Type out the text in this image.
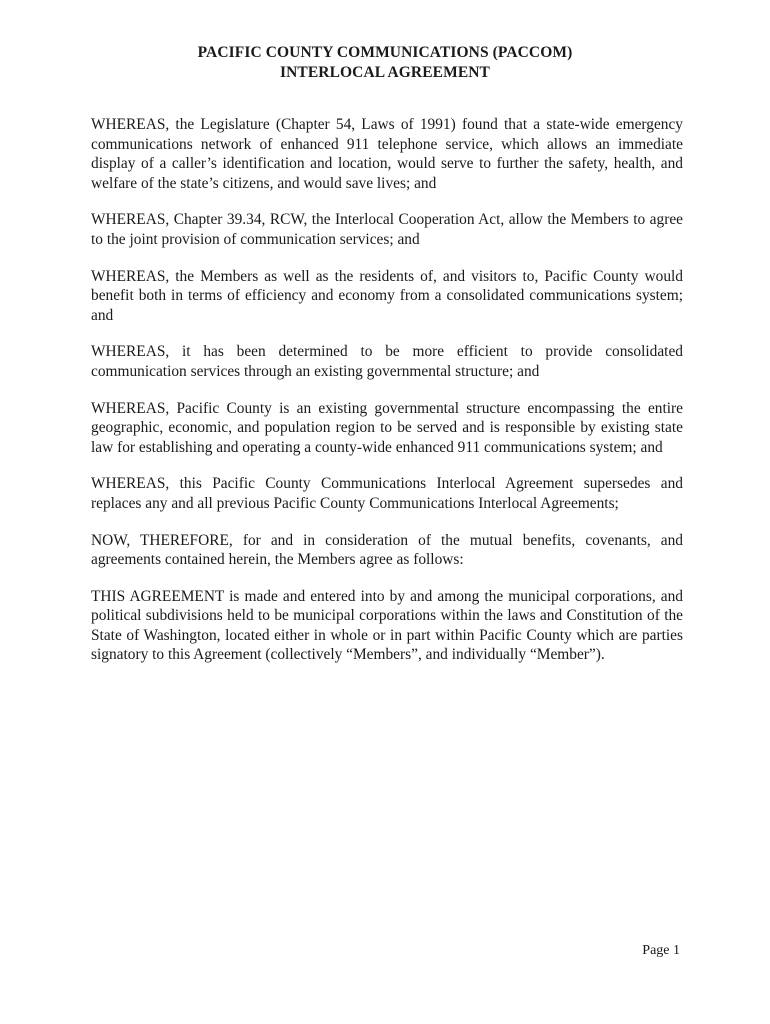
PACIFIC COUNTY COMMUNICATIONS (PACCOM)
INTERLOCAL AGREEMENT

WHEREAS, the Legislature (Chapter 54, Laws of 1991) found that a state-wide emergency communications network of enhanced 911 telephone service, which allows an immediate display of a caller’s identification and location, would serve to further the safety, health, and welfare of the state’s citizens, and would save lives; and

WHEREAS, Chapter 39.34, RCW, the Interlocal Cooperation Act, allow the Members to agree to the joint provision of communication services; and

WHEREAS, the Members as well as the residents of, and visitors to, Pacific County would benefit both in terms of efficiency and economy from a consolidated communications system; and

WHEREAS, it has been determined to be more efficient to provide consolidated communication services through an existing governmental structure; and

WHEREAS, Pacific County is an existing governmental structure encompassing the entire geographic, economic, and population region to be served and is responsible by existing state law for establishing and operating a county-wide enhanced 911 communications system; and

WHEREAS, this Pacific County Communications Interlocal Agreement supersedes and replaces any and all previous Pacific County Communications Interlocal Agreements;

NOW, THEREFORE, for and in consideration of the mutual benefits, covenants, and agreements contained herein, the Members agree as follows:

THIS AGREEMENT is made and entered into by and among the municipal corporations, and political subdivisions held to be municipal corporations within the laws and Constitution of the State of Washington, located either in whole or in part within Pacific County which are parties signatory to this Agreement (collectively “Members”, and individually “Member”).

Page 1
